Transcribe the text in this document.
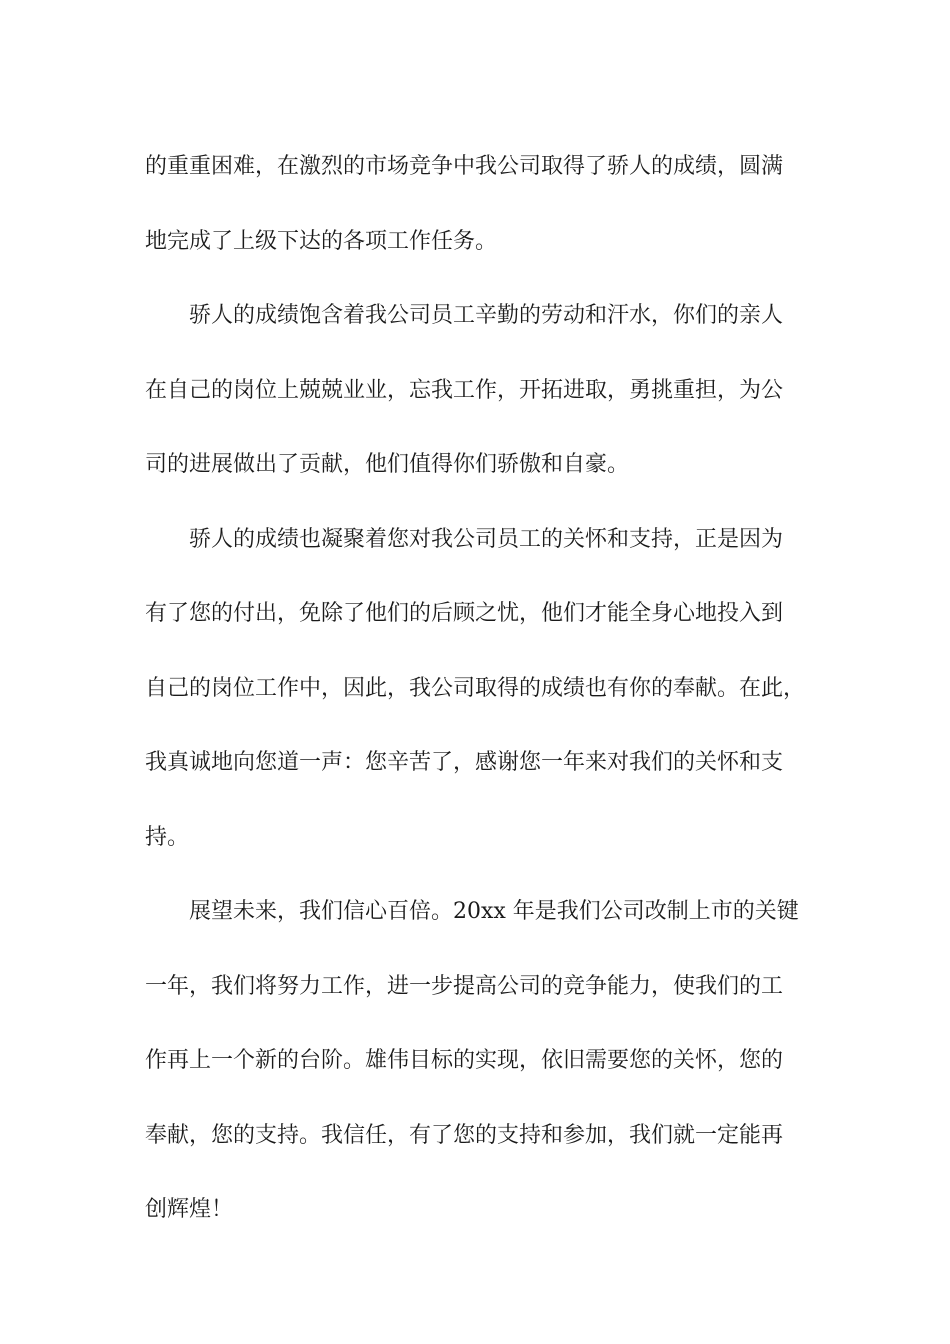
的重重困难，在激烈的市场竞争中我公司取得了骄人的成绩，圆满
地完成了上级下达的各项工作任务。
骄人的成绩饱含着我公司员工辛勤的劳动和汗水，你们的亲人
在自己的岗位上兢兢业业，忘我工作，开拓进取，勇挑重担，为公
司的进展做出了贡献，他们值得你们骄傲和自豪。
骄人的成绩也凝聚着您对我公司员工的关怀和支持，正是因为
有了您的付出，免除了他们的后顾之忧，他们才能全身心地投入到
自己的岗位工作中，因此，我公司取得的成绩也有你的奉献。在此，
我真诚地向您道一声：您辛苦了，感谢您一年来对我们的关怀和支
持。
展望未来，我们信心百倍。20xx 年是我们公司改制上市的关键
一年，我们将努力工作，进一步提高公司的竞争能力，使我们的工
作再上一个新的台阶。雄伟目标的实现，依旧需要您的关怀，您的
奉献，您的支持。我信任，有了您的支持和参加，我们就一定能再
创辉煌！
